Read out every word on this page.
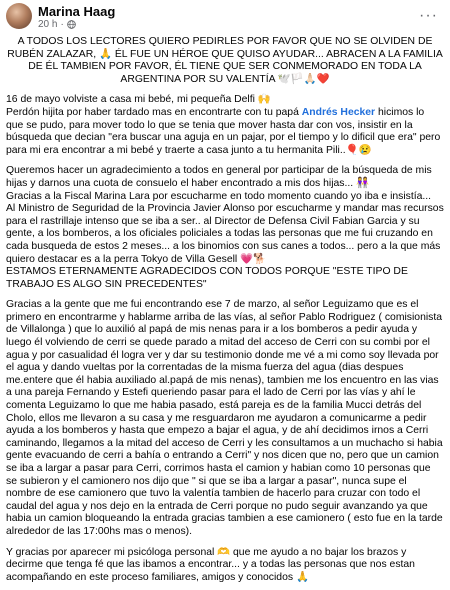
Marina Haag
20 h ·
···

A TODOS LOS LECTORES QUIERO PEDIRLES POR FAVOR QUE NO SE OLVIDEN DE RUBÉN ZALAZAR, 🙏 ÉL FUE UN HÉROE QUE QUISO AYUDAR... ABRACEN A LA FAMILIA DE ÉL TAMBIEN POR FAVOR, ÉL TIENE QUE SER CONMEMORADO EN TODA LA ARGENTINA POR SU VALENTÍA 🕊️🏳️🙏🏻❤️

16 de mayo volviste a casa mi bebé, mi pequeña Delfi 🙌

Perdón hijita por haber tardado mas en encontrarte con tu papá Andrés Hecker hicimos lo que se pudo, para mover todo lo que se tenia que mover hasta dar con vos, insistir en la búsqueda que decian "era buscar una aguja en un pajar, por el tiempo y lo dificil que era" pero para mi era encontrar a mi bebé y traerte a casa junto a tu hermanita Pili..🎈😢

Queremos hacer un agradecimiento a todos en general por participar de la búsqueda de mis hijas y darnos una cuota de consuelo el haber encontrado a mis dos hijas... 👭

Gracias a la Fiscal Marina Lara por escucharme en todo momento cuando yo iba e insistía...

Al Ministro de Seguridad de la Provincia Javier Alonso por escucharme y mandar mas recursos para el rastrillaje intenso que se iba a ser.. al Director de Defensa Civil Fabian Garcia y su gente, a los bomberos, a los oficiales policiales a todas las personas que me fui cruzando en cada busqueda de estos 2 meses... a los binomios con sus canes a todos... pero a la que más quiero destacar es a la perra Tokyo de Villa Gesell 💗🐕

ESTAMOS ETERNAMENTE AGRADECIDOS CON TODOS PORQUE "ESTE TIPO DE TRABAJO ES ALGO SIN PRECEDENTES"

Gracias a la gente que me fui encontrando ese 7 de marzo, al señor Leguizamo que es el primero en encontrarme y hablarme arriba de las vías, al señor Pablo Rodriguez ( comisionista de Villalonga ) que lo auxilió al papá de mis nenas para ir a los bomberos a pedir ayuda y luego él volviendo de cerri se quede parado a mitad del acceso de Cerri con su combi por el agua y por casualidad él logra ver y dar su testimonio donde me vé a mi como soy llevada por el agua y dando vueltas por la correntadas de la misma fuerza del agua (dias despues me.entere que él habia auxiliado al.papá de mis nenas), tambien me los encuentro en las vias a una pareja Fernando y Estefi queriendo pasar para el lado de Cerri por las vías y ahí le comenta Leguizamo lo que me habia pasado, está pareja es de la familia Mucci detrás del Cholo, ellos me llevaron a su casa y me resguardaron me ayudaron a comunicarme a pedir ayuda a los bomberos y hasta que empezo a bajar el agua, y de ahí decidimos irnos a Cerri caminando, llegamos a la mitad del acceso de Cerri y les consultamos a un muchacho si habia gente evacuando de cerri a bahía o entrando a Cerri" y nos dicen que no, pero que un camion se iba a largar a pasar para Cerri, corrimos hasta el camion y habian como 10 personas que se subieron y el camionero nos dijo que " si que se iba a largar a pasar", nunca supe el nombre de ese camionero que tuvo la valentía tambien de hacerlo para cruzar con todo el caudal del agua y nos dejo en la entrada de Cerri porque no pudo seguir avanzando ya que habia un camion bloqueando la entrada gracias tambien a ese camionero ( esto fue en la tarde alrededor de las 17:00hs mas o menos).

Y gracias por aparecer mi psicóloga personal 🫶 que me ayudo a no bajar los brazos y decirme que tenga fé que las ibamos a encontrar... y a todas las personas que nos estan acompañando en este proceso familiares, amigos y conocidos 🙏
